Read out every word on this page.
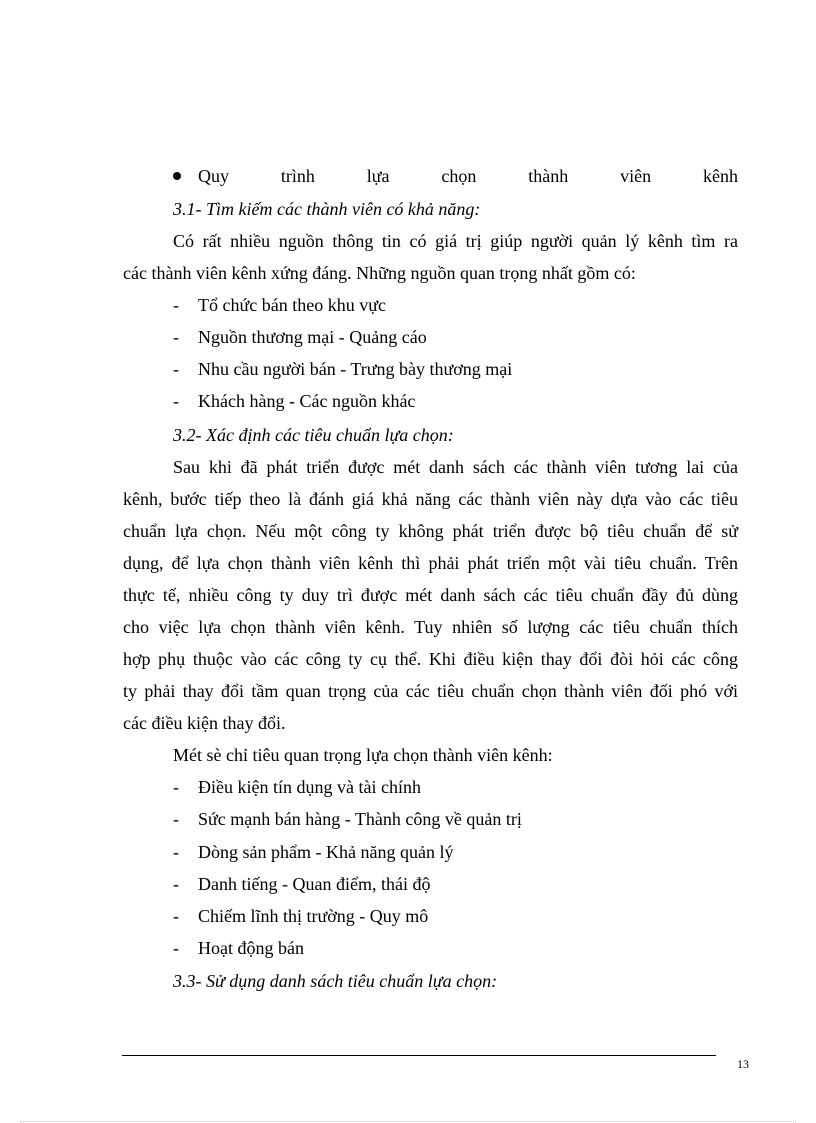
Quy	trình	lựa	chọn	thành	viên	kênh
3.1- Tìm kiếm các thành viên có khả năng:
Có rất nhiều nguồn thông tin có giá trị giúp người quản lý kênh tìm ra
các thành viên kênh xứng đáng. Những nguồn quan trọng nhất gồm có:
- Tổ chức bán theo khu vực
- Nguồn thương mại - Quảng cáo
- Nhu cầu người bán - Trưng bày thương mại
- Khách hàng - Các nguồn khác
3.2- Xác định các tiêu chuẩn lựa chọn:
Sau khi đã phát triển được mét danh sách các thành viên tương lai của
kênh, bước tiếp theo là đánh giá khả năng các thành viên này dựa vào các tiêu
chuẩn lựa chọn. Nếu một công ty không phát triển được bộ tiêu chuẩn để sử
dụng, để lựa chọn thành viên kênh thì phải phát triển một vài tiêu chuẩn. Trên
thực tế, nhiều công ty duy trì được mét danh sách các tiêu chuẩn đầy đủ dùng
cho việc lựa chọn thành viên kênh. Tuy nhiên số lượng các tiêu chuẩn thích
hợp phụ thuộc vào các công ty cụ thể. Khi điều kiện thay đổi đòi hỏi các công
ty phải thay đổi tầm quan trọng của các tiêu chuẩn chọn thành viên đối phó với
các điều kiện thay đổi.
Mét sè chỉ tiêu quan trọng lựa chọn thành viên kênh:
- Điều kiện tín dụng và tài chính
- Sức mạnh bán hàng - Thành công về quản trị
- Dòng sản phẩm - Khả năng quản lý
- Danh tiếng - Quan điểm, thái độ
- Chiếm lĩnh thị trường - Quy mô
- Hoạt động bán
3.3- Sử dụng danh sách tiêu chuẩn lựa chọn:
13
